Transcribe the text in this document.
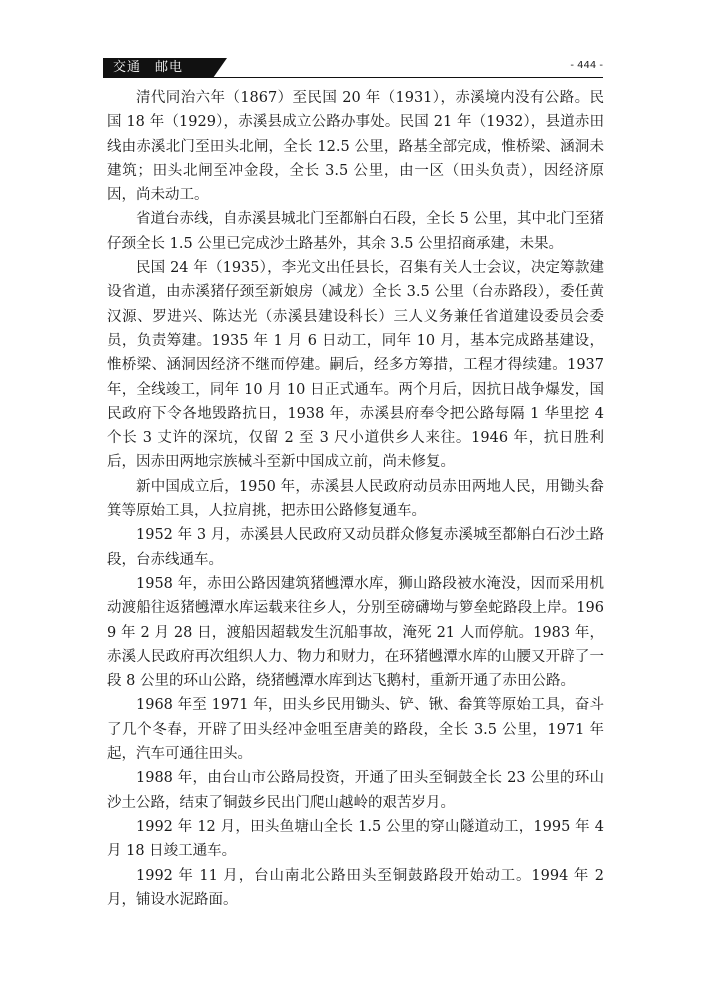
交通　邮电	- 444 -

清代同治六年（1867）至民国 20 年（1931），赤溪境内没有公路。民国 18 年（1929），赤溪县成立公路办事处。民国 21 年（1932），县道赤田线由赤溪北门至田头北闸，全长 12.5 公里，路基全部完成，惟桥梁、涵洞未建筑；田头北闸至冲金段，全长 3.5 公里，由一区（田头负责），因经济原因，尚未动工。

省道台赤线，自赤溪县城北门至都斛白石段，全长 5 公里，其中北门至猪仔颈全长 1.5 公里已完成沙土路基外，其余 3.5 公里招商承建，未果。

民国 24 年（1935），李光文出任县长，召集有关人士会议，决定筹款建设省道，由赤溪猪仔颈至新娘房（减龙）全长 3.5 公里（台赤路段），委任黄汉源、罗进兴、陈达光（赤溪县建设科长）三人义务兼任省道建设委员会委员，负责筹建。1935 年 1 月 6 日动工，同年 10 月，基本完成路基建设，惟桥梁、涵洞因经济不继而停建。嗣后，经多方筹措，工程才得续建。1937 年，全线竣工，同年 10 月 10 日正式通车。两个月后，因抗日战争爆发，国民政府下令各地毁路抗日，1938 年，赤溪县府奉令把公路每隔 1 华里挖 4 个长 3 丈许的深坑，仅留 2 至 3 尺小道供乡人来往。1946 年，抗日胜利后，因赤田两地宗族械斗至新中国成立前，尚未修复。

新中国成立后，1950 年，赤溪县人民政府动员赤田两地人民，用锄头畚箕等原始工具，人拉肩挑，把赤田公路修复通车。

1952 年 3 月，赤溪县人民政府又动员群众修复赤溪城至都斛白石沙土路段，台赤线通车。

1958 年，赤田公路因建筑猪乸潭水库，狮山路段被水淹没，因而采用机动渡船往返猪乸潭水库运载来往乡人，分别至磅礴坳与箩垒蛇路段上岸。1969 年 2 月 28 日，渡船因超载发生沉船事故，淹死 21 人而停航。1983 年，赤溪人民政府再次组织人力、物力和财力，在环猪乸潭水库的山腰又开辟了一段 8 公里的环山公路，绕猪乸潭水库到达飞鹅村，重新开通了赤田公路。

1968 年至 1971 年，田头乡民用锄头、铲、锹、畚箕等原始工具，奋斗了几个冬春，开辟了田头经冲金咀至唐美的路段，全长 3.5 公里，1971 年起，汽车可通往田头。

1988 年，由台山市公路局投资，开通了田头至铜鼓全长 23 公里的环山沙土公路，结束了铜鼓乡民出门爬山越岭的艰苦岁月。

1992 年 12 月，田头鱼塘山全长 1.5 公里的穿山隧道动工，1995 年 4 月 18 日竣工通车。

1992 年 11 月，台山南北公路田头至铜鼓路段开始动工。1994 年 2 月，铺设水泥路面。
